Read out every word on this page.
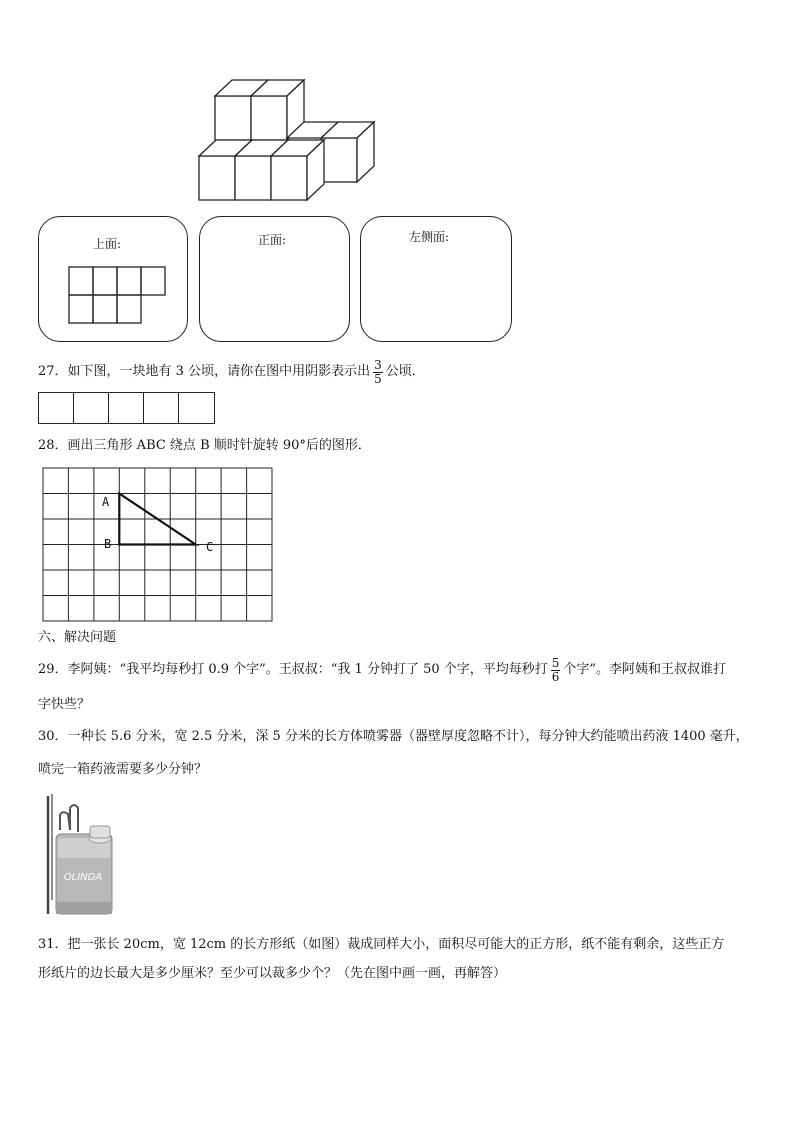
上面:	正面:	左侧面:
27．如下图，一块地有 3 公顷，请你在图中用阴影表示出 $\frac{3}{5}$ 公顷．
28．画出三角形 ABC 绕点 B 顺时针旋转 90°后的图形．
A
B	C
六、解决问题
29．李阿姨：“我平均每秒打 0.9 个字”。王叔叔：“我 1 分钟打了 50 个字，平均每秒打 $\frac{5}{6}$ 个字”。李阿姨和王叔叔谁打
字快些？
30．一种长 5.6 分米，宽 2.5 分米，深 5 分米的长方体喷雾器（器壁厚度忽略不计），每分钟大约能喷出药液 1400 毫升，
喷完一箱药液需要多少分钟？
OLINDA
31．把一张长 20cm，宽 12cm 的长方形纸（如图）裁成同样大小，面积尽可能大的正方形，纸不能有剩余，这些正方
形纸片的边长最大是多少厘米？至少可以裁多少个？（先在图中画一画，再解答）
